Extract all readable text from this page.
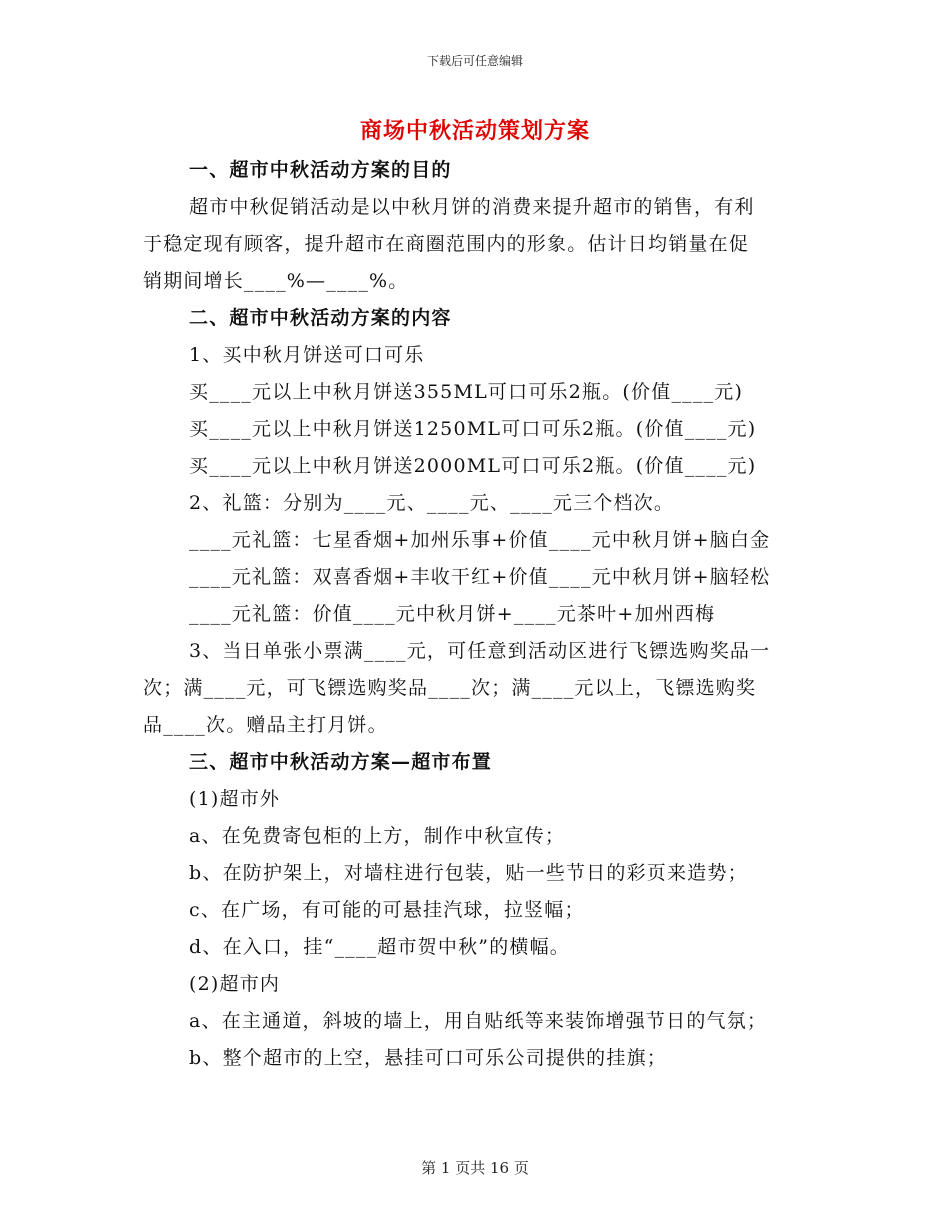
下载后可任意编辑
商场中秋活动策划方案
一、超市中秋活动方案的目的
超市中秋促销活动是以中秋月饼的消费来提升超市的销售，有利
于稳定现有顾客，提升超市在商圈范围内的形象。估计日均销量在促
销期间增长____%—____%。
二、超市中秋活动方案的内容
1、买中秋月饼送可口可乐
买____元以上中秋月饼送355ML可口可乐2瓶。(价值____元)
买____元以上中秋月饼送1250ML可口可乐2瓶。(价值____元)
买____元以上中秋月饼送2000ML可口可乐2瓶。(价值____元)
2、礼篮：分别为____元、____元、____元三个档次。
____元礼篮：七星香烟+加州乐事+价值____元中秋月饼+脑白金
____元礼篮：双喜香烟+丰收干红+价值____元中秋月饼+脑轻松
____元礼篮：价值____元中秋月饼+____元茶叶+加州西梅
3、当日单张小票满____元，可任意到活动区进行飞镖选购奖品一
次；满____元，可飞镖选购奖品____次；满____元以上，飞镖选购奖
品____次。赠品主打月饼。
三、超市中秋活动方案—超市布置
(1)超市外
a、在免费寄包柜的上方，制作中秋宣传；
b、在防护架上，对墙柱进行包装，贴一些节日的彩页来造势；
c、在广场，有可能的可悬挂汽球，拉竖幅；
d、在入口，挂“____超市贺中秋”的横幅。
(2)超市内
a、在主通道，斜坡的墙上，用自贴纸等来装饰增强节日的气氛；
b、整个超市的上空，悬挂可口可乐公司提供的挂旗；
第 1 页共 16 页
